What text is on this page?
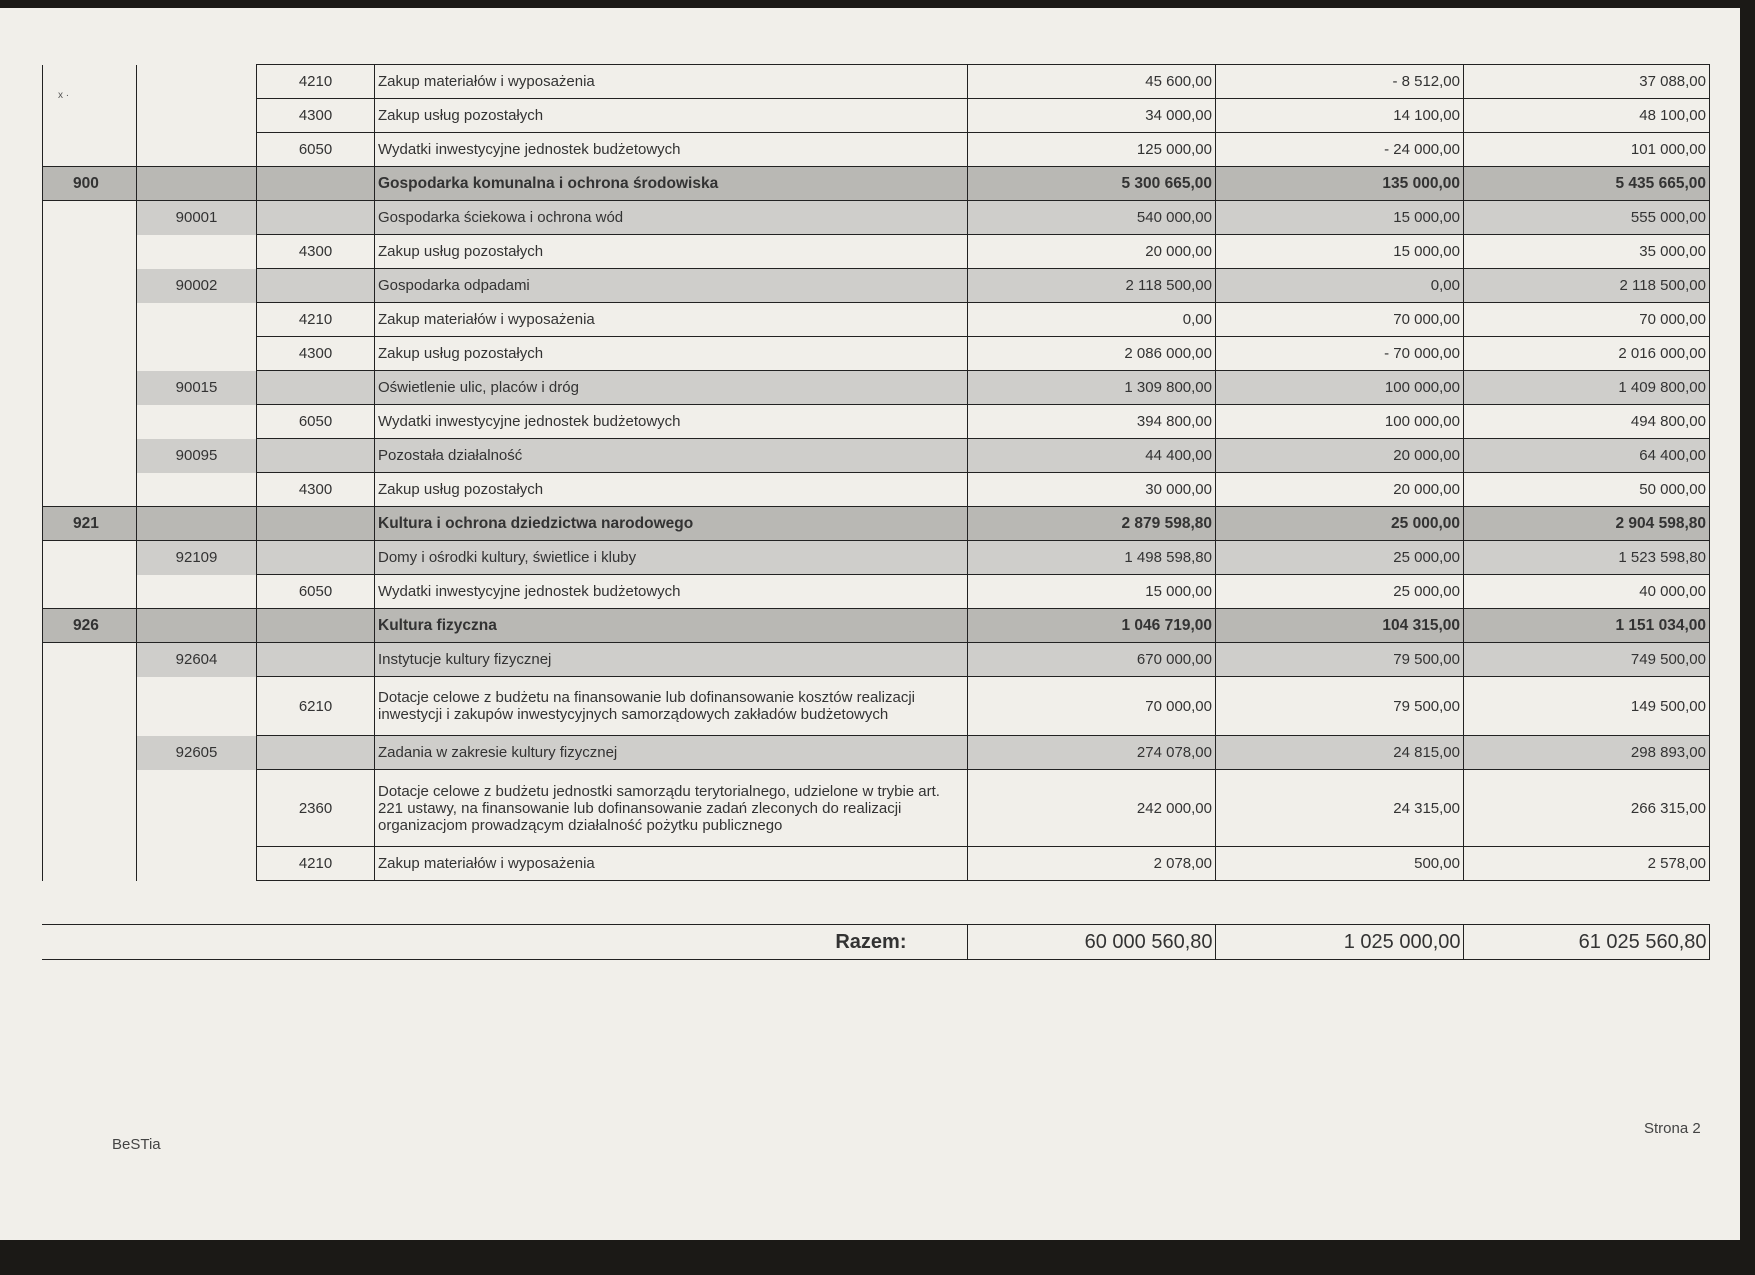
x ·
		4210	Zakup materiałów i wyposażenia	45 600,00	- 8 512,00	37 088,00
		4300	Zakup usług pozostałych	34 000,00	14 100,00	48 100,00
		6050	Wydatki inwestycyjne jednostek budżetowych	125 000,00	- 24 000,00	101 000,00
900			Gospodarka komunalna i ochrona środowiska	5 300 665,00	135 000,00	5 435 665,00
	90001		Gospodarka ściekowa i ochrona wód	540 000,00	15 000,00	555 000,00
		4300	Zakup usług pozostałych	20 000,00	15 000,00	35 000,00
	90002		Gospodarka odpadami	2 118 500,00	0,00	2 118 500,00
		4210	Zakup materiałów i wyposażenia	0,00	70 000,00	70 000,00
		4300	Zakup usług pozostałych	2 086 000,00	- 70 000,00	2 016 000,00
	90015		Oświetlenie ulic, placów i dróg	1 309 800,00	100 000,00	1 409 800,00
		6050	Wydatki inwestycyjne jednostek budżetowych	394 800,00	100 000,00	494 800,00
	90095		Pozostała działalność	44 400,00	20 000,00	64 400,00
		4300	Zakup usług pozostałych	30 000,00	20 000,00	50 000,00
921			Kultura i ochrona dziedzictwa narodowego	2 879 598,80	25 000,00	2 904 598,80
	92109		Domy i ośrodki kultury, świetlice i kluby	1 498 598,80	25 000,00	1 523 598,80
		6050	Wydatki inwestycyjne jednostek budżetowych	15 000,00	25 000,00	40 000,00
926			Kultura fizyczna	1 046 719,00	104 315,00	1 151 034,00
	92604		Instytucje kultury fizycznej	670 000,00	79 500,00	749 500,00
		6210	Dotacje celowe z budżetu na finansowanie lub dofinansowanie kosztów realizacji inwestycji i zakupów inwestycyjnych samorządowych zakładów budżetowych	70 000,00	79 500,00	149 500,00
	92605		Zadania w zakresie kultury fizycznej	274 078,00	24 815,00	298 893,00
		2360	Dotacje celowe z budżetu jednostki samorządu terytorialnego, udzielone w trybie art. 221 ustawy, na finansowanie lub dofinansowanie zadań zleconych do realizacji organizacjom prowadzącym działalność pożytku publicznego	242 000,00	24 315,00	266 315,00
		4210	Zakup materiałów i wyposażenia	2 078,00	500,00	2 578,00
Razem:	60 000 560,80	1 025 000,00	61 025 560,80
BeSTia
Strona 2
